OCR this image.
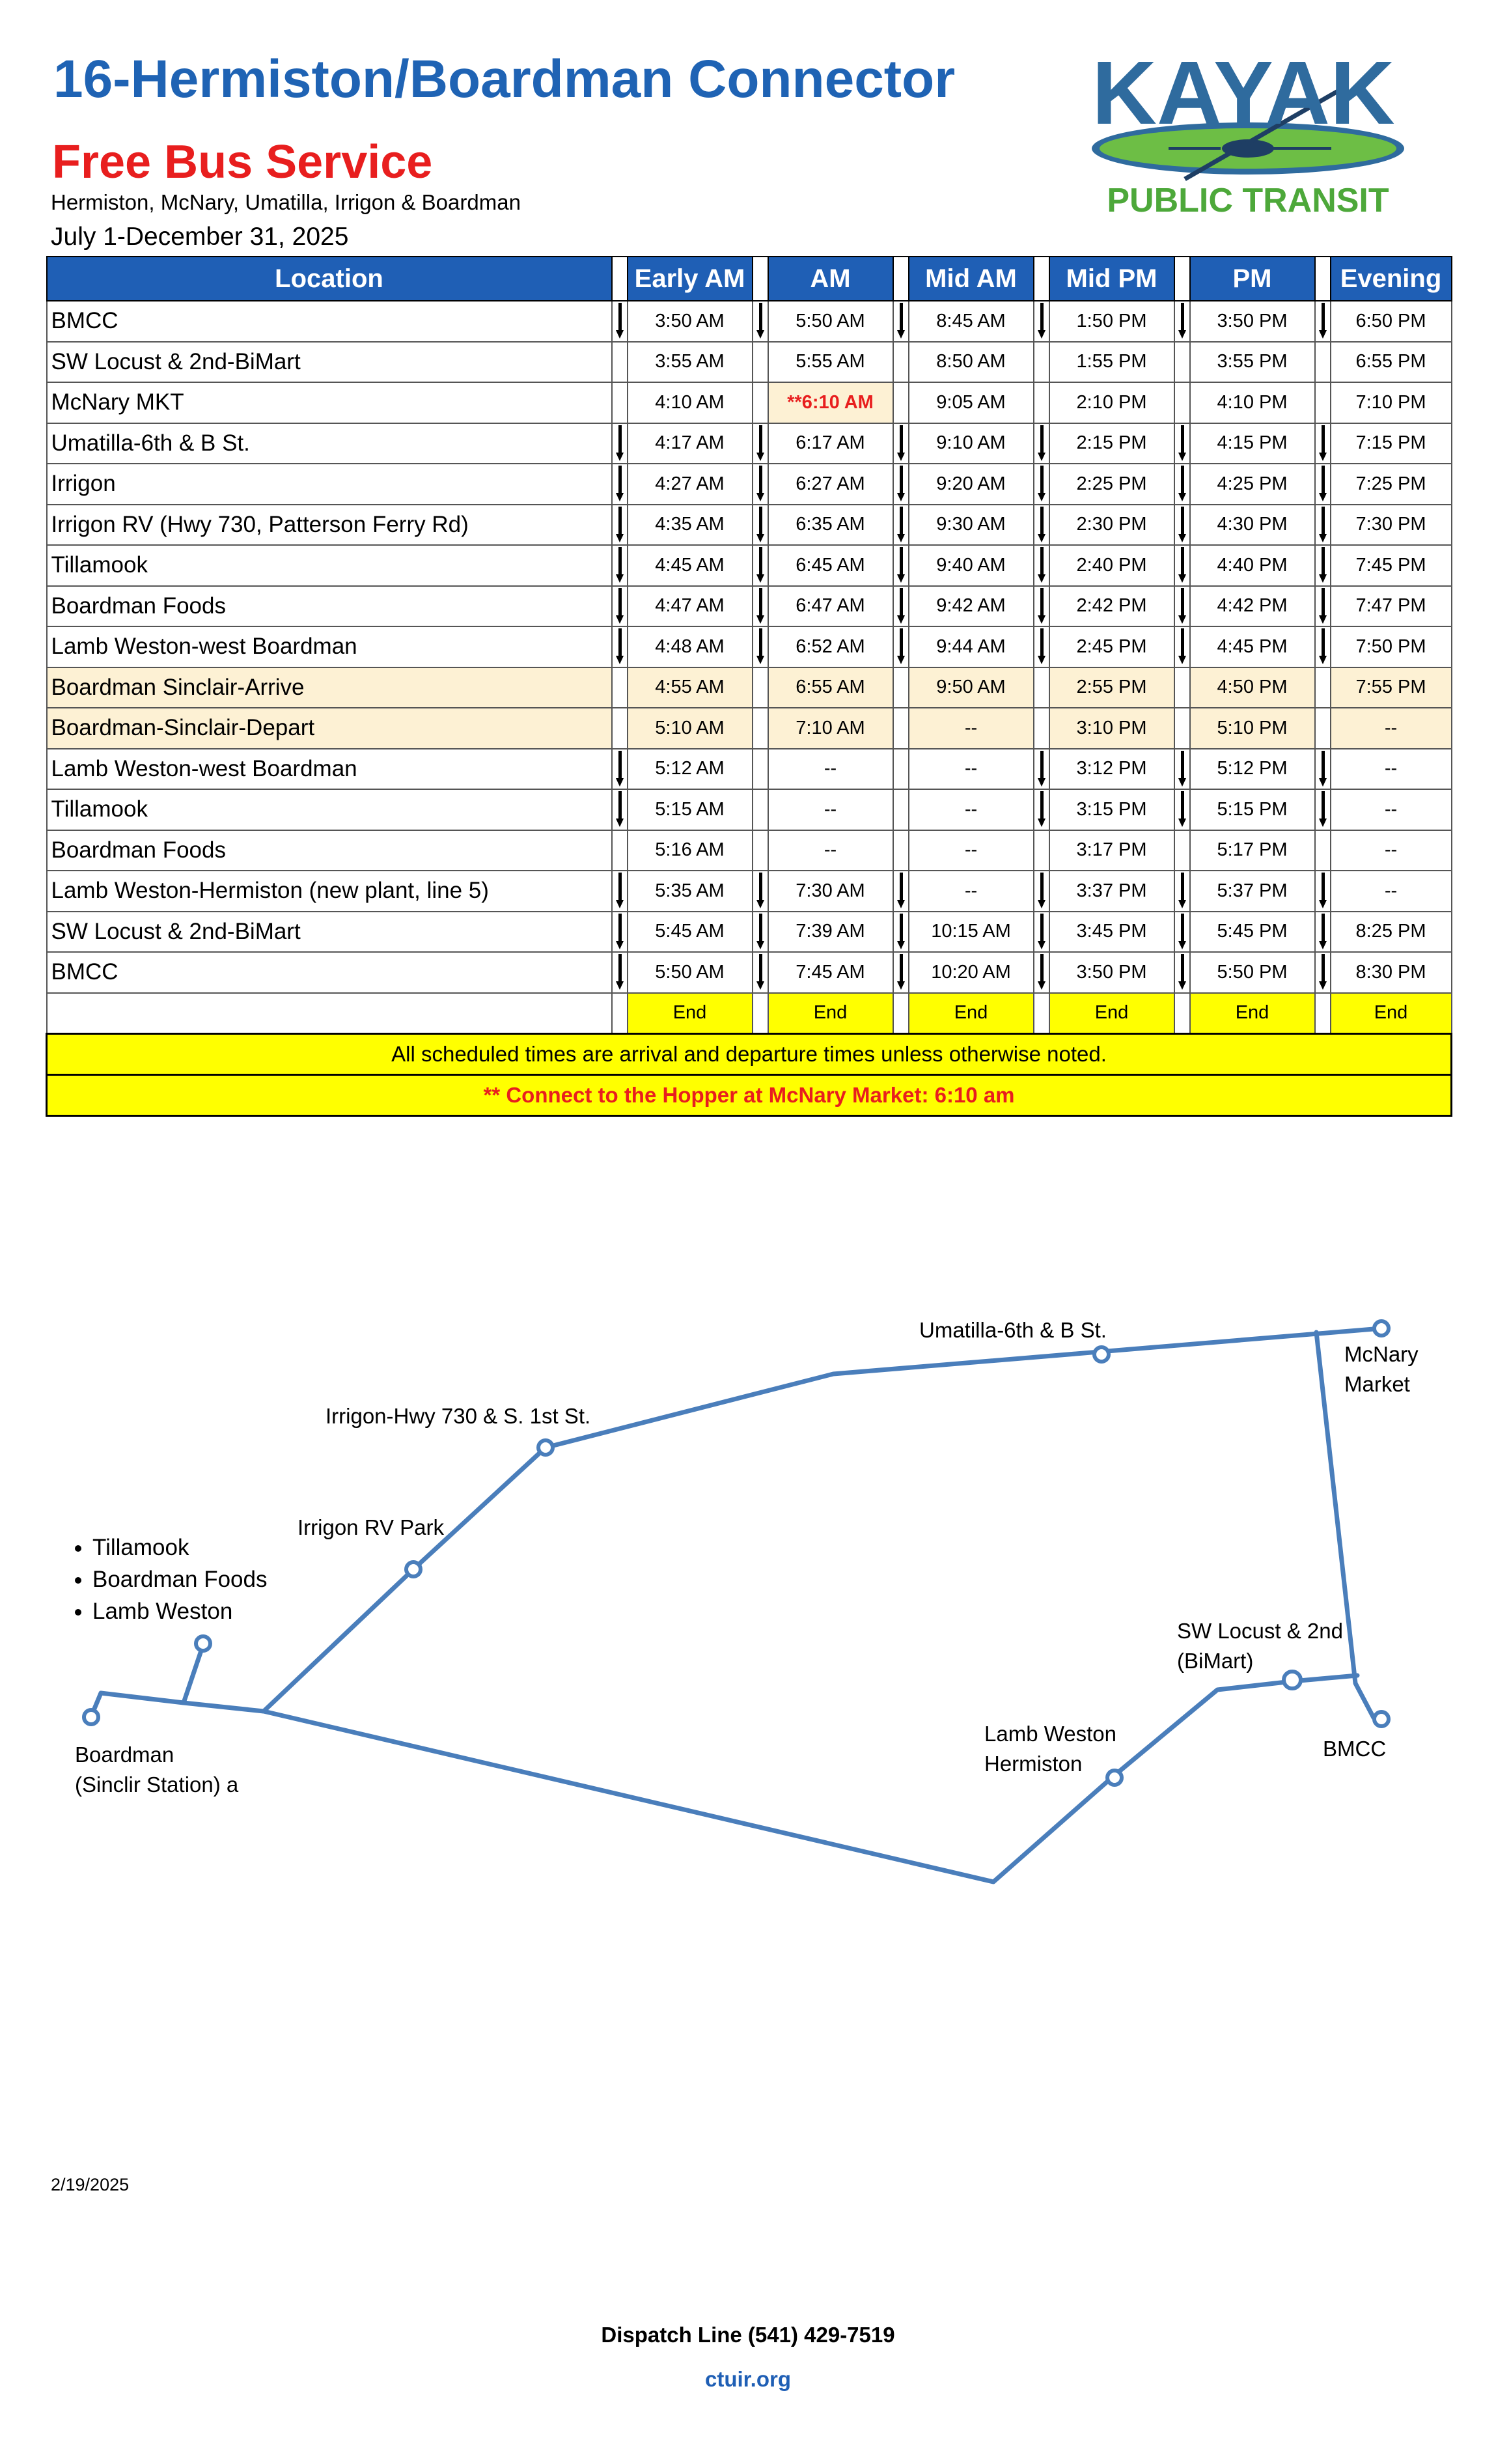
16-Hermiston/Boardman Connector
Free Bus Service
Hermiston, McNary, Umatilla, Irrigon & Boardman
July 1-December 31, 2025
KAYAK
PUBLIC TRANSIT
Location		Early AM		AM		Mid AM		Mid PM		PM		Evening
BMCC		3:50 AM		5:50 AM		8:45 AM		1:50 PM		3:50 PM		6:50 PM
SW Locust & 2nd-BiMart		3:55 AM		5:55 AM		8:50 AM		1:55 PM		3:55 PM		6:55 PM
McNary MKT		4:10 AM		**6:10 AM		9:05 AM		2:10 PM		4:10 PM		7:10 PM
Umatilla-6th & B St.		4:17 AM		6:17 AM		9:10 AM		2:15 PM		4:15 PM		7:15 PM
Irrigon		4:27 AM		6:27 AM		9:20 AM		2:25 PM		4:25 PM		7:25 PM
Irrigon RV (Hwy 730, Patterson Ferry Rd)		4:35 AM		6:35 AM		9:30 AM		2:30 PM		4:30 PM		7:30 PM
Tillamook		4:45 AM		6:45 AM		9:40 AM		2:40 PM		4:40 PM		7:45 PM
Boardman Foods		4:47 AM		6:47 AM		9:42 AM		2:42 PM		4:42 PM		7:47 PM
Lamb Weston-west Boardman		4:48 AM		6:52 AM		9:44 AM		2:45 PM		4:45 PM		7:50 PM
Boardman Sinclair-Arrive		4:55 AM		6:55 AM		9:50 AM		2:55 PM		4:50 PM		7:55 PM
Boardman-Sinclair-Depart		5:10 AM		7:10 AM		--		3:10 PM		5:10 PM		--
Lamb Weston-west Boardman		5:12 AM		--		--		3:12 PM		5:12 PM		--
Tillamook		5:15 AM		--		--		3:15 PM		5:15 PM		--
Boardman Foods		5:16 AM		--		--		3:17 PM		5:17 PM		--
Lamb Weston-Hermiston (new plant, line 5)		5:35 AM		7:30 AM		--		3:37 PM		5:37 PM		--
SW Locust & 2nd-BiMart		5:45 AM		7:39 AM		10:15 AM		3:45 PM		5:45 PM		8:25 PM
BMCC		5:50 AM		7:45 AM		10:20 AM		3:50 PM		5:50 PM		8:30 PM
		End		End		End		End		End		End
All scheduled times are arrival and departure times unless otherwise noted.												
** Connect to the Hopper at McNary Market: 6:10 am												
Umatilla-6th & B St.
McNary
Market
Irrigon-Hwy 730 & S. 1st St.
Irrigon RV Park
• Tillamook
• Boardman Foods
• Lamb Weston
Boardman
(Sinclir Station) a
SW Locust & 2nd
(BiMart)
Lamb Weston
Hermiston
BMCC
2/19/2025
Dispatch Line (541) 429-7519
ctuir.org
